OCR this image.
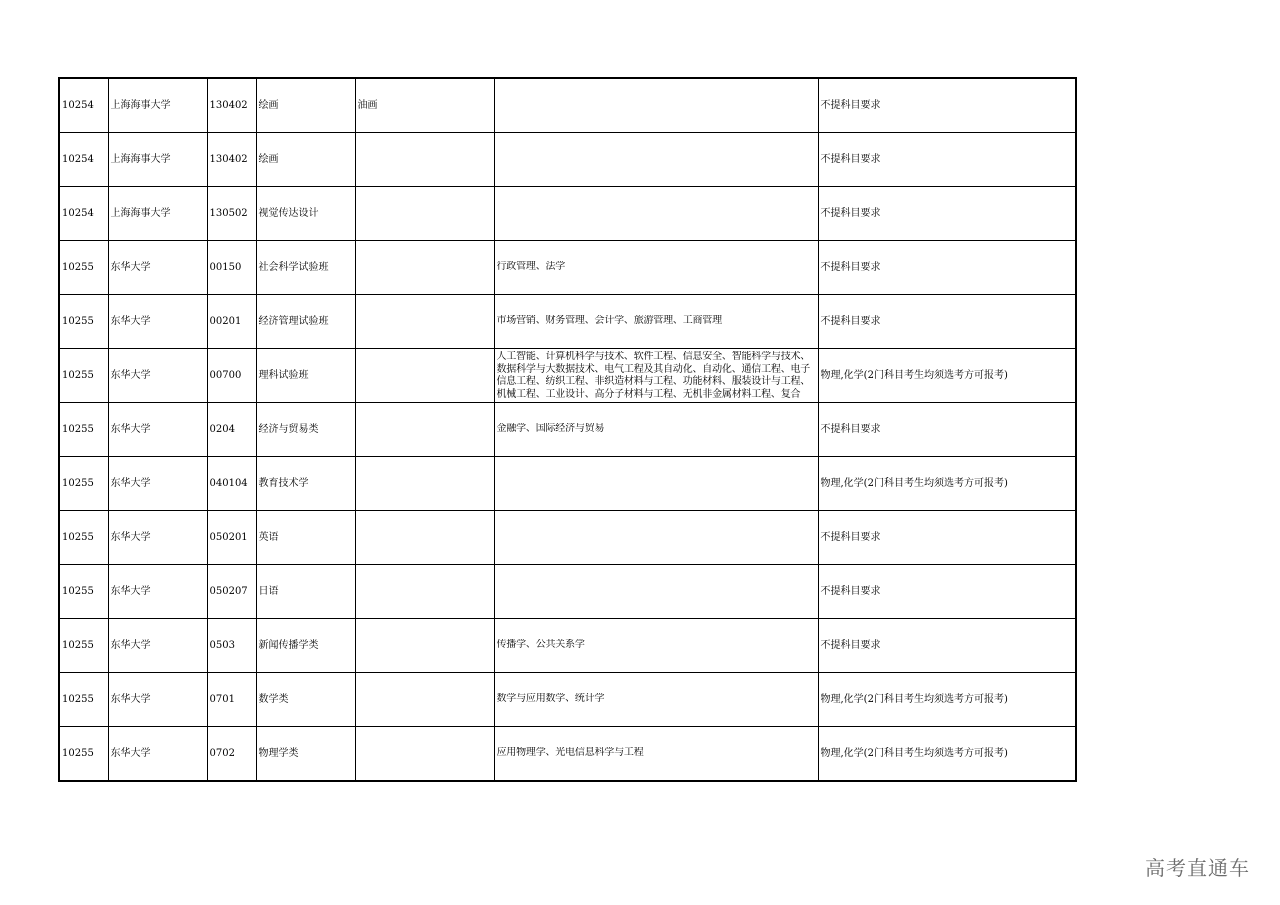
10254	上海海事大学	130402	绘画	油画		不提科目要求
10254	上海海事大学	130402	绘画			不提科目要求
10254	上海海事大学	130502	视觉传达设计			不提科目要求
10255	东华大学	00150	社会科学试验班		行政管理、法学	不提科目要求
10255	东华大学	00201	经济管理试验班		市场营销、财务管理、会计学、旅游管理、工商管理	不提科目要求
10255	东华大学	00700	理科试验班		人工智能、计算机科学与技术、软件工程、信息安全、智能科学与技术、数据科学与大数据技术、电气工程及其自动化、自动化、通信工程、电子信息工程、纺织工程、非织造材料与工程、功能材料、服装设计与工程、机械工程、工业设计、高分子材料与工程、无机非金属材料工程、复合	物理,化学(2门科目考生均须选考方可报考)
10255	东华大学	0204	经济与贸易类		金融学、国际经济与贸易	不提科目要求
10255	东华大学	040104	教育技术学			物理,化学(2门科目考生均须选考方可报考)
10255	东华大学	050201	英语			不提科目要求
10255	东华大学	050207	日语			不提科目要求
10255	东华大学	0503	新闻传播学类		传播学、公共关系学	不提科目要求
10255	东华大学	0701	数学类		数学与应用数学、统计学	物理,化学(2门科目考生均须选考方可报考)
10255	东华大学	0702	物理学类		应用物理学、光电信息科学与工程	物理,化学(2门科目考生均须选考方可报考)
高考直通车
